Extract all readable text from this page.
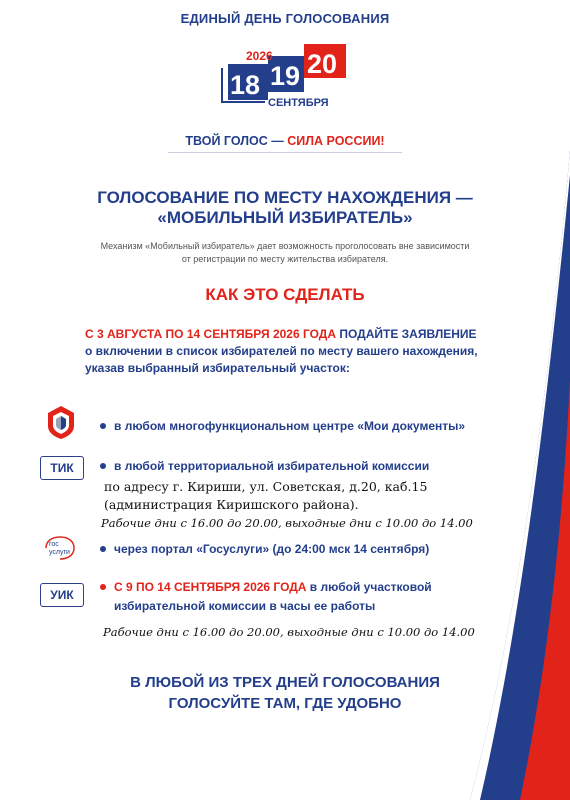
ЕДИНЫЙ ДЕНЬ ГОЛОСОВАНИЯ
2026
18 19 20
СЕНТЯБРЯ
ТВОЙ ГОЛОС — СИЛА РОССИИ!
ГОЛОСОВАНИЕ ПО МЕСТУ НАХОЖДЕНИЯ —
«МОБИЛЬНЫЙ ИЗБИРАТЕЛЬ»
Механизм «Мобильный избиратель» дает возможность проголосовать вне зависимости
от регистрации по месту жительства избирателя.
КАК ЭТО СДЕЛАТЬ
С 3 АВГУСТА ПО 14 СЕНТЯБРЯ 2026 ГОДА ПОДАЙТЕ ЗАЯВЛЕНИЕ
о включении в список избирателей по месту вашего нахождения,
указав выбранный избирательный участок:
в любом многофункциональном центре «Мои документы»
ТИК	в любой территориальной избирательной комиссии
по адресу г. Кириши, ул. Советская, д.20, каб.15
(администрация Киришского района).
Рабочие дни с 16.00 до 20.00, выходные дни с 10.00 до 14.00
гос
услуги	через портал «Госуслуги» (до 24:00 мск 14 сентября)
УИК
С 9 ПО 14 СЕНТЯБРЯ 2026 ГОДА в любой участковой
избирательной комиссии в часы ее работы
Рабочие дни с 16.00 до 20.00, выходные дни с 10.00 до 14.00
В ЛЮБОЙ ИЗ ТРЕХ ДНЕЙ ГОЛОСОВАНИЯ
ГОЛОСУЙТЕ ТАМ, ГДЕ УДОБНО
